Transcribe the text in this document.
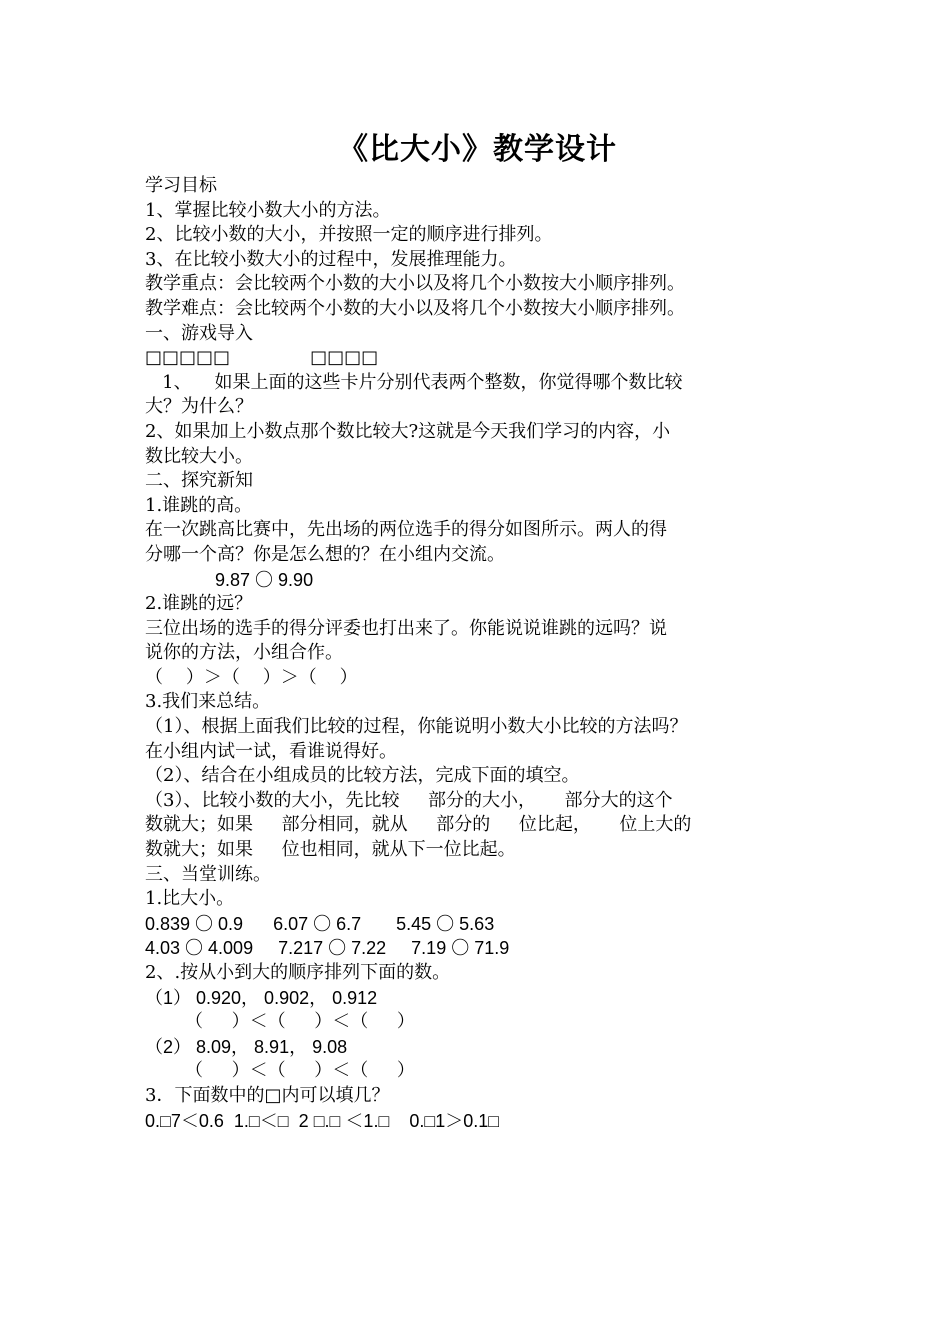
《比大小》教学设计
学习目标
1、掌握比较小数大小的方法。
2、比较小数的大小，并按照一定的顺序进行排列。
3、在比较小数大小的过程中，发展推理能力。
教学重点：会比较两个小数的大小以及将几个小数按大小顺序排列。
教学难点：会比较两个小数的大小以及将几个小数按大小顺序排列。
一、游戏导入
□□□□□              □□□□
1、    如果上面的这些卡片分别代表两个整数，你觉得哪个数比较
大？为什么？
2、如果加上小数点那个数比较大?这就是今天我们学习的内容，小
数比较大小。
二、探究新知
1.谁跳的高。
在一次跳高比赛中，先出场的两位选手的得分如图所示。两人的得
分哪一个高？你是怎么想的？在小组内交流。
9.87 〇 9.90
2.谁跳的远？
三位出场的选手的得分评委也打出来了。你能说说谁跳的远吗？说
说你的方法，小组合作。
（    ）＞（    ）＞（    ）
3.我们来总结。
（1）、根据上面我们比较的过程，你能说明小数大小比较的方法吗？
在小组内试一试，看谁说得好。
（2）、结合在小组成员的比较方法，完成下面的填空。
（3）、比较小数的大小，先比较     部分的大小，     部分大的这个
数就大；如果     部分相同，就从     部分的     位比起，     位上大的
数就大；如果     位也相同，就从下一位比起。
三、当堂训练。
1.比大小。
0.839 〇 0.9      6.07 〇 6.7       5.45 〇 5.63
4.03 〇 4.009     7.217 〇 7.22     7.19 〇 71.9
2、.按从小到大的顺序排列下面的数。
（1） 0.920， 0.902， 0.912
（     ）＜（     ）＜（     ）
（2） 8.09， 8.91， 9.08
（     ）＜（     ）＜（     ）
3．下面数中的□内可以填几？
0.□7＜0.6  1.□＜□  2 □.□ ＜1.□    0.□1＞0.1□
